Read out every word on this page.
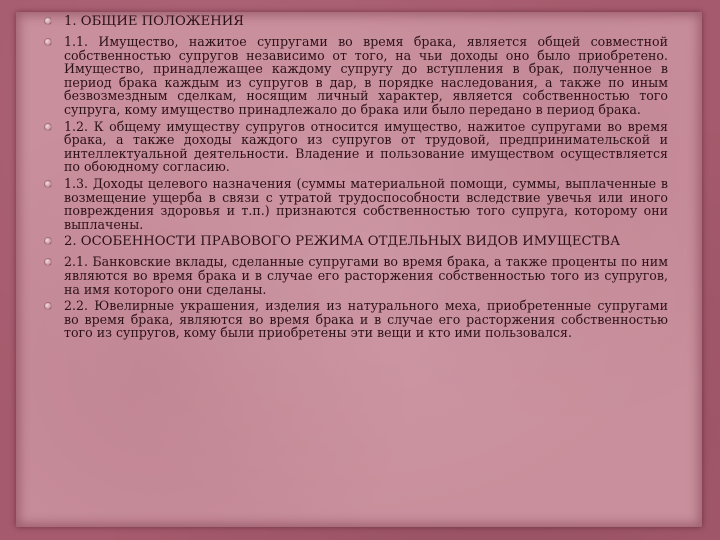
1. ОБЩИЕ ПОЛОЖЕНИЯ
1.1. Имущество, нажитое супругами во время брака, является общей совместной собственностью супругов независимо от того, на чьи доходы оно было приобретено. Имущество, принадлежащее каждому супругу до вступления в брак, полученное в период брака каждым из супругов в дар, в порядке наследования, а также по иным безвозмездным сделкам, носящим личный характер, является собственностью того супруга, кому имущество принадлежало до брака или было передано в период брака.
1.2. К общему имуществу супругов относится имущество, нажитое супругами во время брака, а также доходы каждого из супругов от трудовой, предпринимательской и интеллектуальной деятельности. Владение и пользование имуществом осуществляется по обоюдному согласию.
1.3. Доходы целевого назначения (суммы материальной помощи, суммы, выплаченные в возмещение ущерба в связи с утратой трудоспособности вследствие увечья или иного повреждения здоровья и т.п.) признаются собственностью того супруга, которому они выплачены.
2. ОСОБЕННОСТИ ПРАВОВОГО РЕЖИМА ОТДЕЛЬНЫХ ВИДОВ ИМУЩЕСТВА
2.1. Банковские вклады, сделанные супругами во время брака, а также проценты по ним являются во время брака и в случае его расторжения собственностью того из супругов, на имя которого они сделаны.
2.2. Ювелирные украшения, изделия из натурального меха, приобретенные супругами во время брака, являются во время брака и в случае его расторжения собственностью того из супругов, кому были приобретены эти вещи и кто ими пользовался.
